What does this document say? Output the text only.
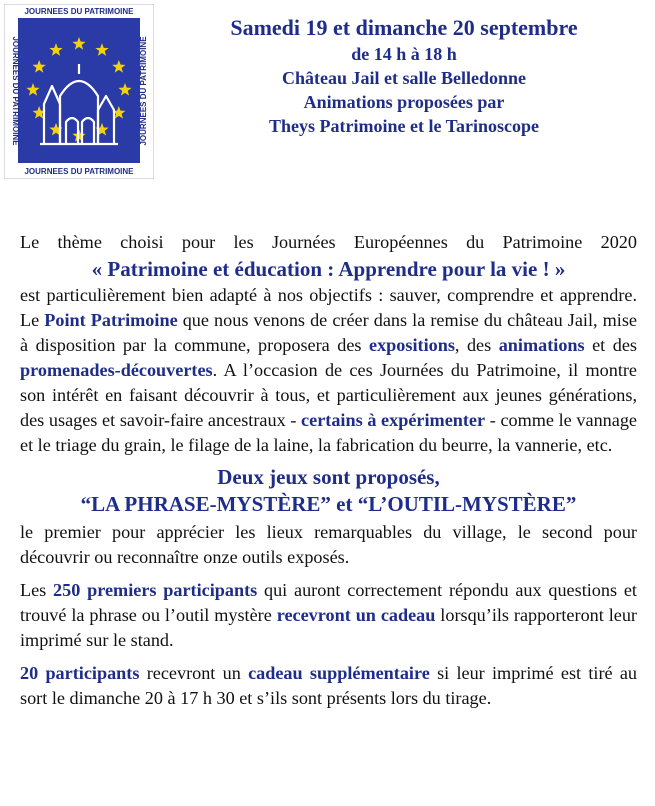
JOURNEES DU PATRIMOINE
JOURNEES DU PATRIMOINE
JOURNEES DU PATRIMOINE	JOURNEES DU PATRIMOINE
Samedi 19 et dimanche 20 septembre
de 14 h à 18 h
Château Jail et salle Belledonne
Animations proposées par
Theys Patrimoine et le Tarinoscope

Le thème choisi pour les Journées Européennes du Patrimoine 2020

« Patrimoine et éducation : Apprendre pour la vie ! »

est particulièrement bien adapté à nos objectifs : sauver, comprendre et apprendre. Le Point Patrimoine que nous venons de créer dans la remise du château Jail, mise à disposition par la commune, proposera des expositions, des animations et des promenades-découvertes. A l’occasion de ces Journées du Patrimoine, il montre son intérêt en faisant découvrir à tous, et particulièrement aux jeunes générations, des usages et savoir-faire ancestraux - certains à expérimenter - comme le vannage et le triage du grain, le filage de la laine, la fabrication du beurre, la vannerie, etc.

Deux jeux sont proposés,
“LA PHRASE-MYSTÈRE” et “L’OUTIL-MYSTÈRE”

le premier pour apprécier les lieux remarquables du village, le second pour découvrir ou reconnaître onze outils exposés.

Les 250 premiers participants qui auront correctement répondu aux questions et trouvé la phrase ou l’outil mystère recevront un cadeau lorsqu’ils rapporteront leur imprimé sur le stand.

20 participants recevront un cadeau supplémentaire si leur imprimé est tiré au sort le dimanche 20 à 17 h 30 et s’ils sont présents lors du tirage.
